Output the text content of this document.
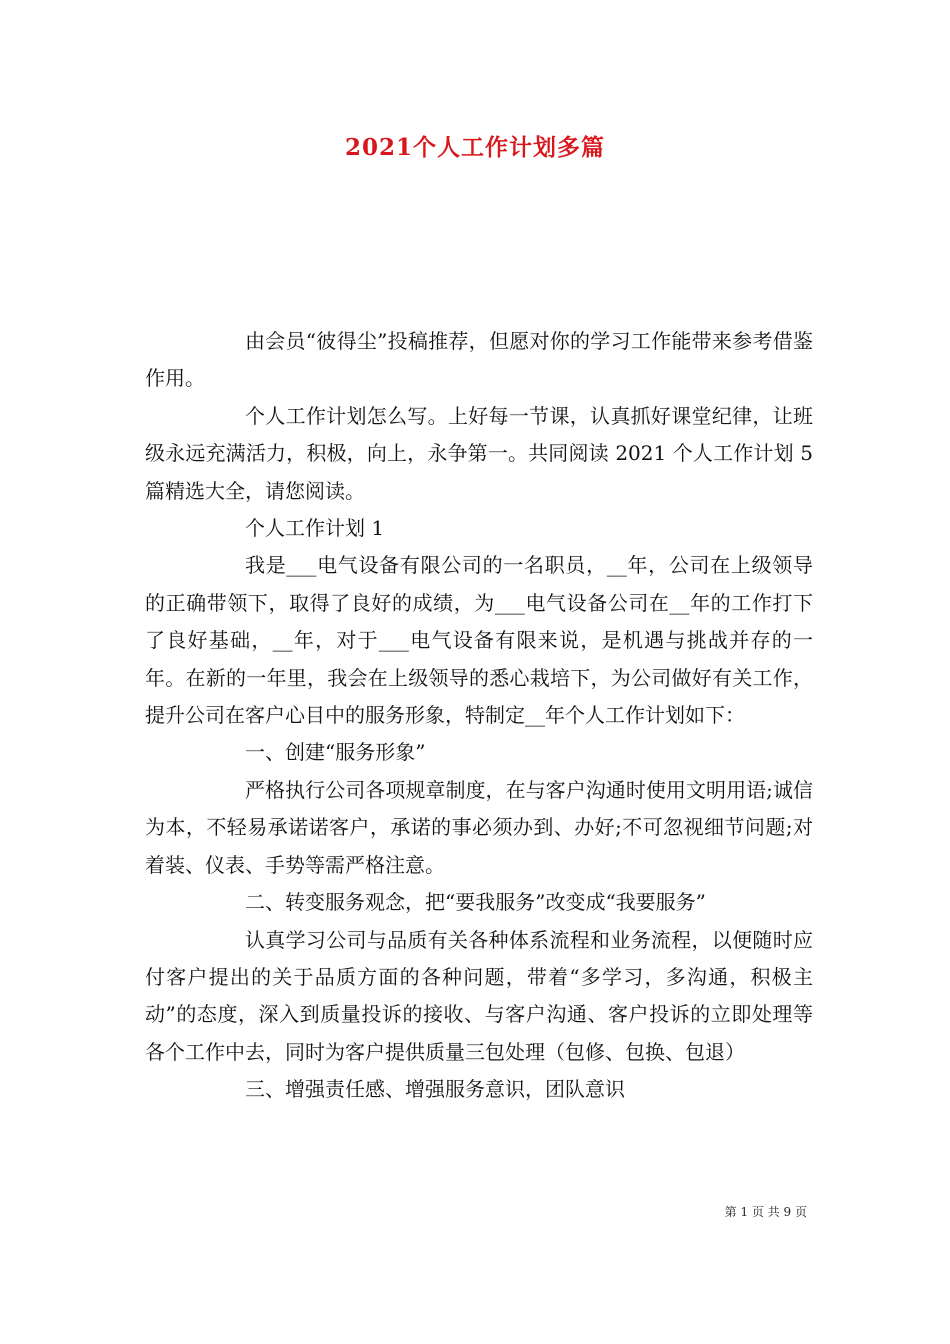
2021个人工作计划多篇

由会员“彼得尘”投稿推荐，但愿对你的学习工作能带来参考借鉴作用。

个人工作计划怎么写。上好每一节课，认真抓好课堂纪律，让班级永远充满活力，积极，向上，永争第一。共同阅读 2021 个人工作计划 5 篇精选大全，请您阅读。

个人工作计划 1

我是___电气设备有限公司的一名职员，__年，公司在上级领导的正确带领下，取得了良好的成绩，为___电气设备公司在__年的工作打下了良好基础，__年，对于___电气设备有限来说，是机遇与挑战并存的一年。在新的一年里，我会在上级领导的悉心栽培下，为公司做好有关工作，提升公司在客户心目中的服务形象，特制定__年个人工作计划如下：

一、创建“服务形象”

严格执行公司各项规章制度，在与客户沟通时使用文明用语;诚信为本，不轻易承诺诺客户，承诺的事必须办到、办好;不可忽视细节问题;对着装、仪表、手势等需严格注意。

二、转变服务观念，把“要我服务”改变成“我要服务”

认真学习公司与品质有关各种体系流程和业务流程，以便随时应付客户提出的关于品质方面的各种问题，带着“多学习，多沟通，积极主动”的态度，深入到质量投诉的接收、与客户沟通、客户投诉的立即处理等各个工作中去，同时为客户提供质量三包处理（包修、包换、包退）

三、增强责任感、增强服务意识，团队意识

第 1 页 共 9 页
